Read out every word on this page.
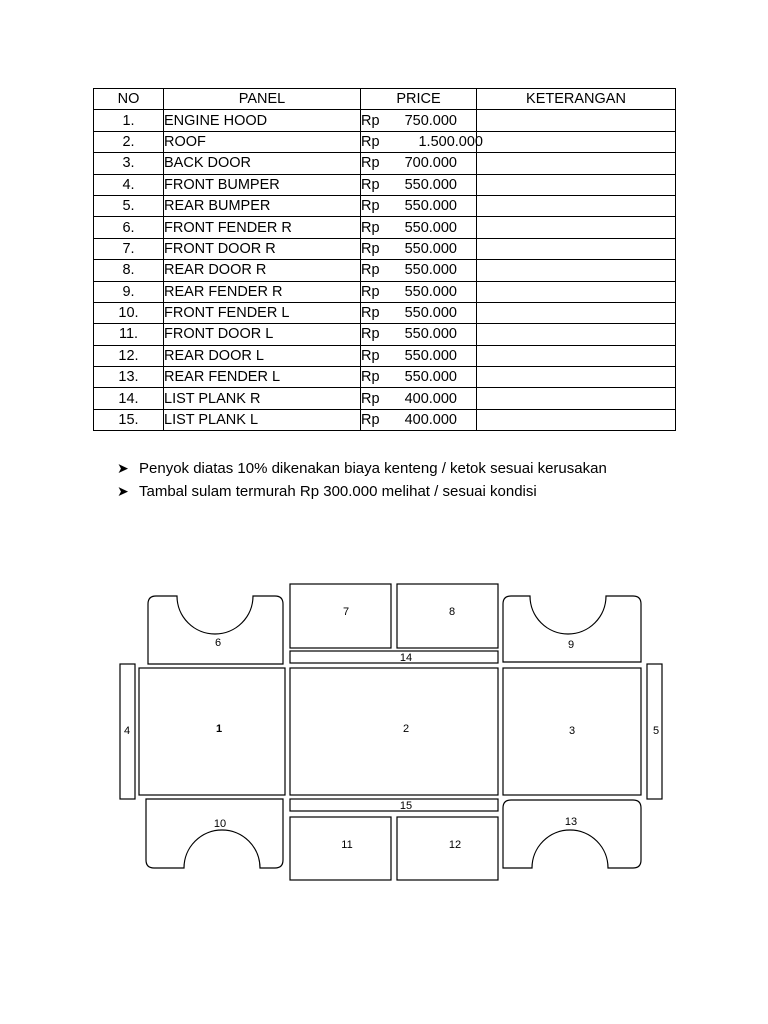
NO	PANEL	PRICE	KETERANGAN
1.	ENGINE HOOD	Rp 750.000	
2.	ROOF	Rp 1.500.000	
3.	BACK DOOR	Rp 700.000	
4.	FRONT BUMPER	Rp 550.000	
5.	REAR BUMPER	Rp 550.000	
6.	FRONT FENDER R	Rp 550.000	
7.	FRONT DOOR R	Rp 550.000	
8.	REAR DOOR R	Rp 550.000	
9.	REAR FENDER R	Rp 550.000	
10.	FRONT FENDER L	Rp 550.000	
11.	FRONT DOOR L	Rp 550.000	
12.	REAR DOOR L	Rp 550.000	
13.	REAR FENDER L	Rp 550.000	
14.	LIST PLANK R	Rp 400.000	
15.	LIST PLANK L	Rp 400.000	
➤ Penyok diatas 10% dikenakan biaya kenteng / ketok sesuai kerusakan
➤ Tambal sulam termurah Rp 300.000 melihat / sesuai kondisi
6
7	8
9
14
4	1	2	3	5
15
10	13
11	12
